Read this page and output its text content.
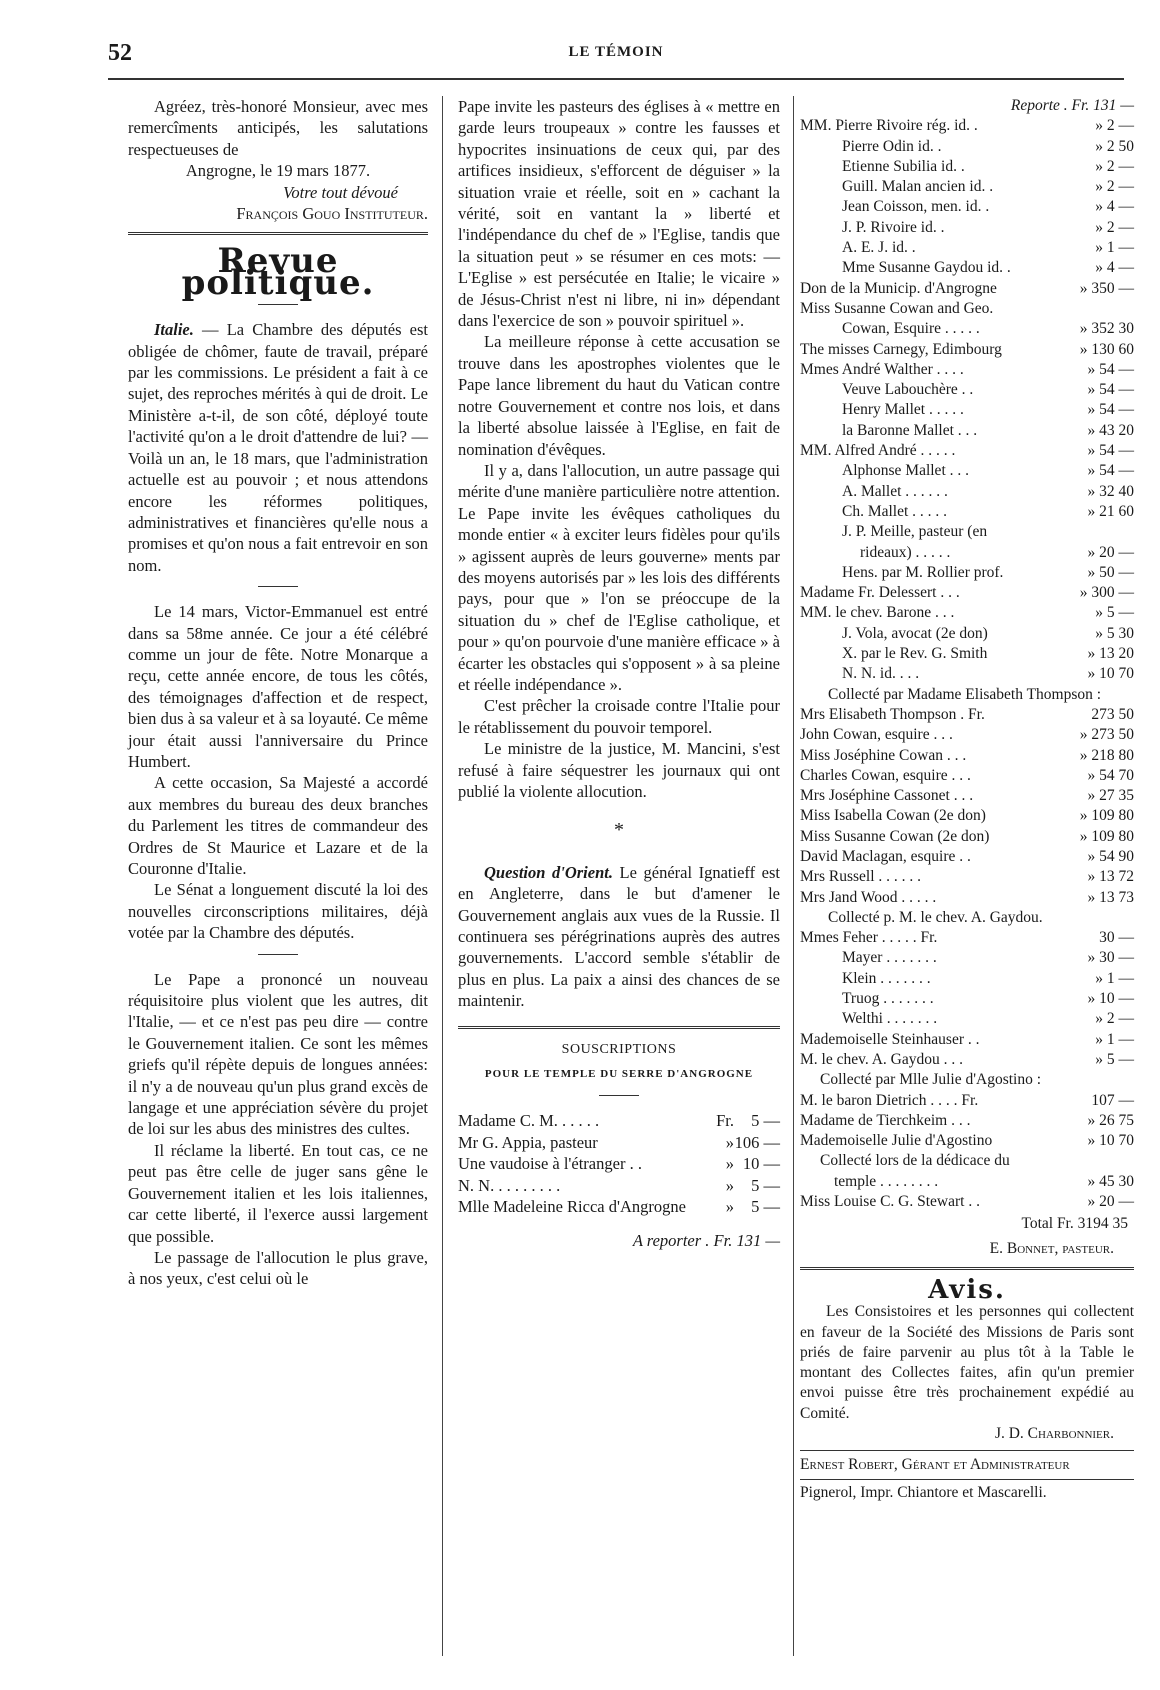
52	LE TÉMOIN

Agréez, très-honoré Monsieur, avec mes remercîments anticipés, les salutations respectueuses de

Angrogne, le 19 mars 1877.

Votre tout dévoué

François Gouo Instituteur.

Revue politique.

Italie. — La Chambre des députés est obligée de chômer, faute de travail, préparé par les commissions. Le président a fait à ce sujet, des reproches mérités à qui de droit. Le Ministère a-t-il, de son côté, déployé toute l'activité qu'on a le droit d'attendre de lui? — Voilà un an, le 18 mars, que l'administration actuelle est au pouvoir ; et nous attendons encore les réformes politiques, administratives et financières qu'elle nous a promises et qu'on nous a fait entrevoir en son nom.

Le 14 mars, Victor-Emmanuel est entré dans sa 58me année. Ce jour a été célébré comme un jour de fête. Notre Monarque a reçu, cette année encore, de tous les côtés, des témoignages d'affection et de respect, bien dus à sa valeur et à sa loyauté. Ce même jour était aussi l'anniversaire du Prince Humbert.

A cette occasion, Sa Majesté a accordé aux membres du bureau des deux branches du Parlement les titres de commandeur des Ordres de St Maurice et Lazare et de la Couronne d'Italie.

Le Sénat a longuement discuté la loi des nouvelles circonscriptions militaires, déjà votée par la Chambre des députés.

Le Pape a prononcé un nouveau réquisitoire plus violent que les autres, dit l'Italie, — et ce n'est pas peu dire — contre le Gouvernement italien. Ce sont les mêmes griefs qu'il répète depuis de longues années: il n'y a de nouveau qu'un plus grand excès de langage et une appréciation sévère du projet de loi sur les abus des ministres des cultes.

Il réclame la liberté. En tout cas, ce ne peut pas être celle de juger sans gêne le Gouvernement italien et les lois italiennes, car cette liberté, il l'exerce aussi largement que possible.

Le passage de l'allocution le plus grave, à nos yeux, c'est celui où le

Pape invite les pasteurs des églises à « mettre en garde leurs troupeaux » contre les fausses et hypocrites insinuations de ceux qui, par des artifices insidieux, s'efforcent de déguiser » la situation vraie et réelle, soit en » cachant la vérité, soit en vantant la » liberté et l'indépendance du chef de » l'Eglise, tandis que la situation peut » se résumer en ces mots: — L'Eglise » est persécutée en Italie; le vicaire » de Jésus-Christ n'est ni libre, ni in» dépendant dans l'exercice de son » pouvoir spirituel ».

La meilleure réponse à cette accusation se trouve dans les apostrophes violentes que le Pape lance librement du haut du Vatican contre notre Gouvernement et contre nos lois, et dans la liberté absolue laissée à l'Eglise, en fait de nomination d'évêques.

Il y a, dans l'allocution, un autre passage qui mérite d'une manière particulière notre attention. Le Pape invite les évêques catholiques du monde entier « à exciter leurs fidèles pour qu'ils » agissent auprès de leurs gouverne» ments par des moyens autorisés par » les lois des différents pays, pour que » l'on se préoccupe de la situation du » chef de l'Eglise catholique, et pour » qu'on pourvoie d'une manière efficace » à écarter les obstacles qui s'opposent » à sa pleine et réelle indépendance ».

C'est prêcher la croisade contre l'Italie pour le rétablissement du pouvoir temporel.

Le ministre de la justice, M. Mancini, s'est refusé à faire séquestrer les journaux qui ont publié la violente allocution.

*

Question d'Orient. Le général Ignatieff est en Angleterre, dans le but d'amener le Gouvernement anglais aux vues de la Russie. Il continuera ses pérégrinations auprès des autres gouvernements. L'accord semble s'établir de plus en plus. La paix a ainsi des chances de se maintenir.

SOUSCRIPTIONS
POUR LE TEMPLE DU SERRE D'ANGROGNE
Madame C. M. . . . . .	Fr.	5 —
Mr G. Appia, pasteur	» 106 —
Une vaudoise à l'étranger . .	» 10 —
N. N. . . . . . . . .	»	5 —
Mlle Madeleine Ricca d'Angrogne	»	5 —

A reporter . Fr. 131 —

Reporte . Fr. 131 —

MM. Pierre Rivoire rég. id. .	» 2 —
Pierre Odin id. .	» 2 50
Etienne Subilia id. .	» 2 —
Guill. Malan ancien id. .	» 2 —
Jean Coisson, men. id. .	» 4 —
J. P. Rivoire id. .	» 2 —
A. E. J. id. .	» 1 —
Mme Susanne Gaydou id. .	» 4 —
Don de la Municip. d'Angrogne	» 350 —
Miss Susanne Cowan and Geo.
Cowan, Esquire . . . . .	» 352 30
The misses Carnegy, Edimbourg	» 130 60
Mmes André Walther . . . .	» 54 —
Veuve Labouchère . .	» 54 —
Henry Mallet . . . . .	» 54 —
la Baronne Mallet . . .	» 43 20
MM. Alfred André . . . . .	» 54 —
Alphonse Mallet . . .	» 54 —
A. Mallet . . . . . .	» 32 40
Ch. Mallet . . . . .	» 21 60
J. P. Meille, pasteur (en
rideaux) . . . . .	» 20 —
Hens. par M. Rollier prof.	» 50 —
Madame Fr. Delessert . . .	» 300 —
MM. le chev. Barone . . .	» 5 —
J. Vola, avocat (2e don)	» 5 30
X. par le Rev. G. Smith	» 13 20
N. N. id. . . .	» 10 70

Collecté par Madame Elisabeth Thompson :

Mrs Elisabeth Thompson . Fr.	273 50
John Cowan, esquire . . .	» 273 50
Miss Joséphine Cowan . . .	» 218 80
Charles Cowan, esquire . . .	» 54 70
Mrs Joséphine Cassonet . . .	» 27 35
Miss Isabella Cowan (2e don)	» 109 80
Miss Susanne Cowan (2e don)	» 109 80
David Maclagan, esquire . .	» 54 90
Mrs Russell . . . . . .	» 13 72
Mrs Jand Wood . . . . .	» 13 73

Collecté p. M. le chev. A. Gaydou.

Mmes Feher . . . . . Fr.	30 —
Mayer . . . . . . .	» 30 —
Klein . . . . . . .	» 1 —
Truog . . . . . . .	» 10 —
Welthi . . . . . . .	» 2 —
Mademoiselle Steinhauser . .	» 1 —
M. le chev. A. Gaydou . . .	» 5 —

Collecté par Mlle Julie d'Agostino :

M. le baron Dietrich . . . . Fr.	107 —
Madame de Tierchkeim . . .	» 26 75
Mademoiselle Julie d'Agostino	» 10 70

Collecté lors de la dédicace du

temple . . . . . . . .	» 45 30
Miss Louise C. G. Stewart . .	» 20 —

Total Fr. 3194 35

E. Bonnet, pasteur.

Avis.

Les Consistoires et les personnes qui collectent en faveur de la Société des Missions de Paris sont priés de faire parvenir au plus tôt à la Table le montant des Collectes faites, afin qu'un premier envoi puisse être très prochainement expédié au Comité.

J. D. Charbonnier.

Ernest Robert, Gérant et Administrateur

Pignerol, Impr. Chiantore et Mascarelli.
